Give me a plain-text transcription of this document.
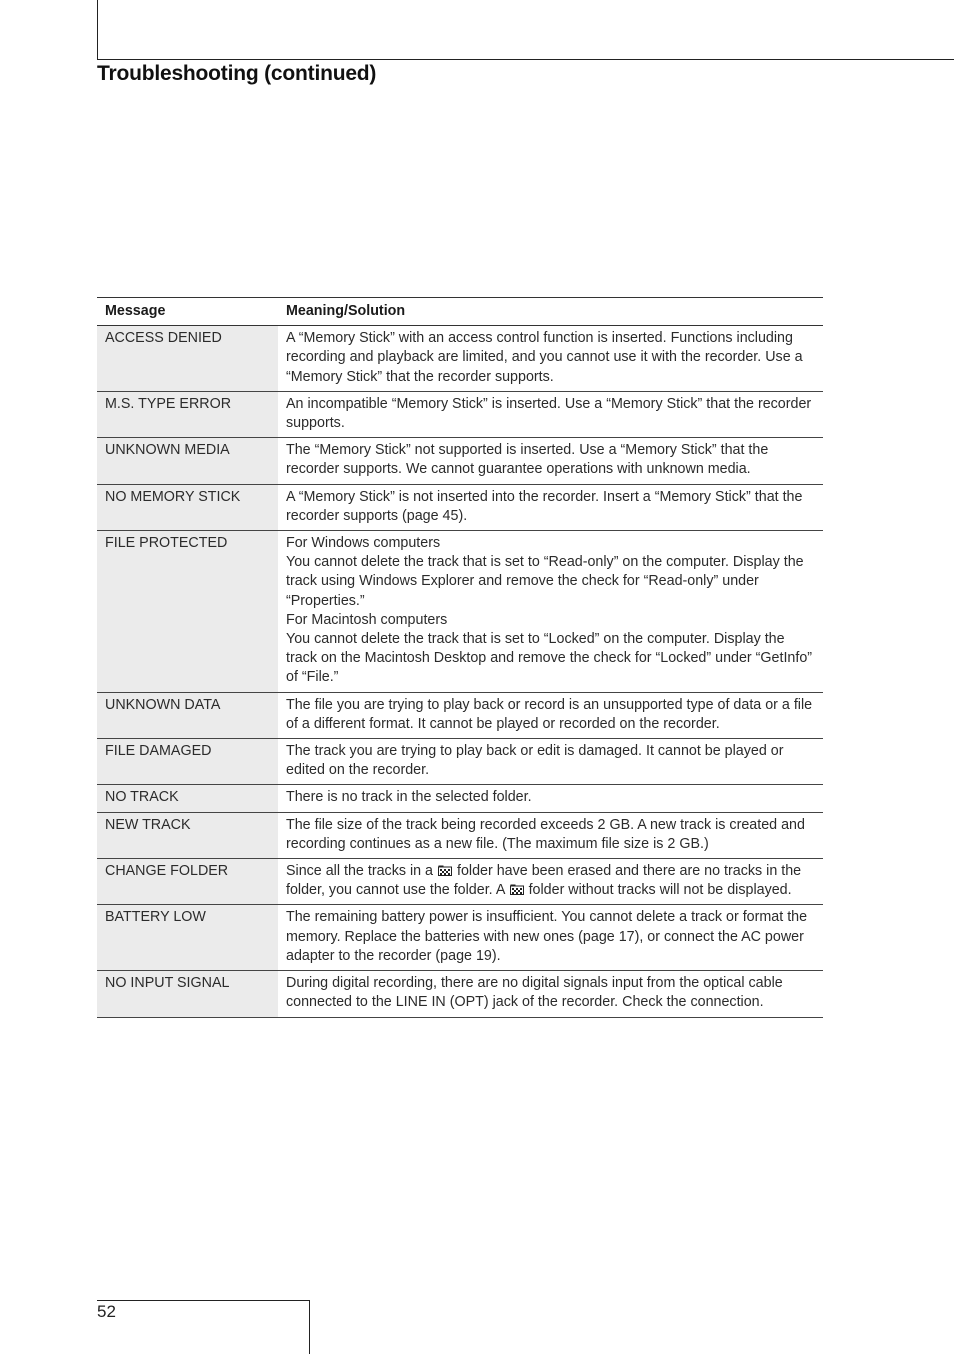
Troubleshooting (continued)
Message	Meaning/Solution
ACCESS DENIED	A “Memory Stick” with an access control function is inserted. Functions including recording and playback are limited, and you cannot use it with the recorder. Use a “Memory Stick” that the recorder supports.
M.S. TYPE ERROR	An incompatible “Memory Stick” is inserted. Use a “Memory Stick” that the recorder supports.
UNKNOWN MEDIA	The “Memory Stick” not supported is inserted. Use a “Memory Stick” that the recorder supports. We cannot guarantee operations with unknown media.
NO MEMORY STICK	A “Memory Stick” is not inserted into the recorder. Insert a “Memory Stick” that the recorder supports (page 45).
FILE PROTECTED	For Windows computers
You cannot delete the track that is set to “Read-only” on the computer. Display the track using Windows Explorer and remove the check for “Read-only” under “Properties.”
For Macintosh computers
You cannot delete the track that is set to “Locked” on the computer. Display the track on the Macintosh Desktop and remove the check for “Locked” under “GetInfo” of “File.”

UNKNOWN DATA	The file you are trying to play back or record is an unsupported type of data or a file of a different format. It cannot be played or recorded on the recorder.
FILE DAMAGED	The track you are trying to play back or edit is damaged. It cannot be played or edited on the recorder.
NO TRACK	There is no track in the selected folder.
NEW TRACK	The file size of the track being recorded exceeds 2 GB. A new track is created and recording continues as a new file. (The maximum file size is 2 GB.)
CHANGE FOLDER	Since all the tracks in a folder have been erased and there are no tracks in the folder, you cannot use the folder. A folder without tracks will not be displayed.
BATTERY LOW	The remaining battery power is insufficient. You cannot delete a track or format the memory. Replace the batteries with new ones (page 17), or connect the AC power adapter to the recorder (page 19).
NO INPUT SIGNAL	During digital recording, there are no digital signals input from the optical cable connected to the LINE IN (OPT) jack of the recorder. Check the connection.
52
